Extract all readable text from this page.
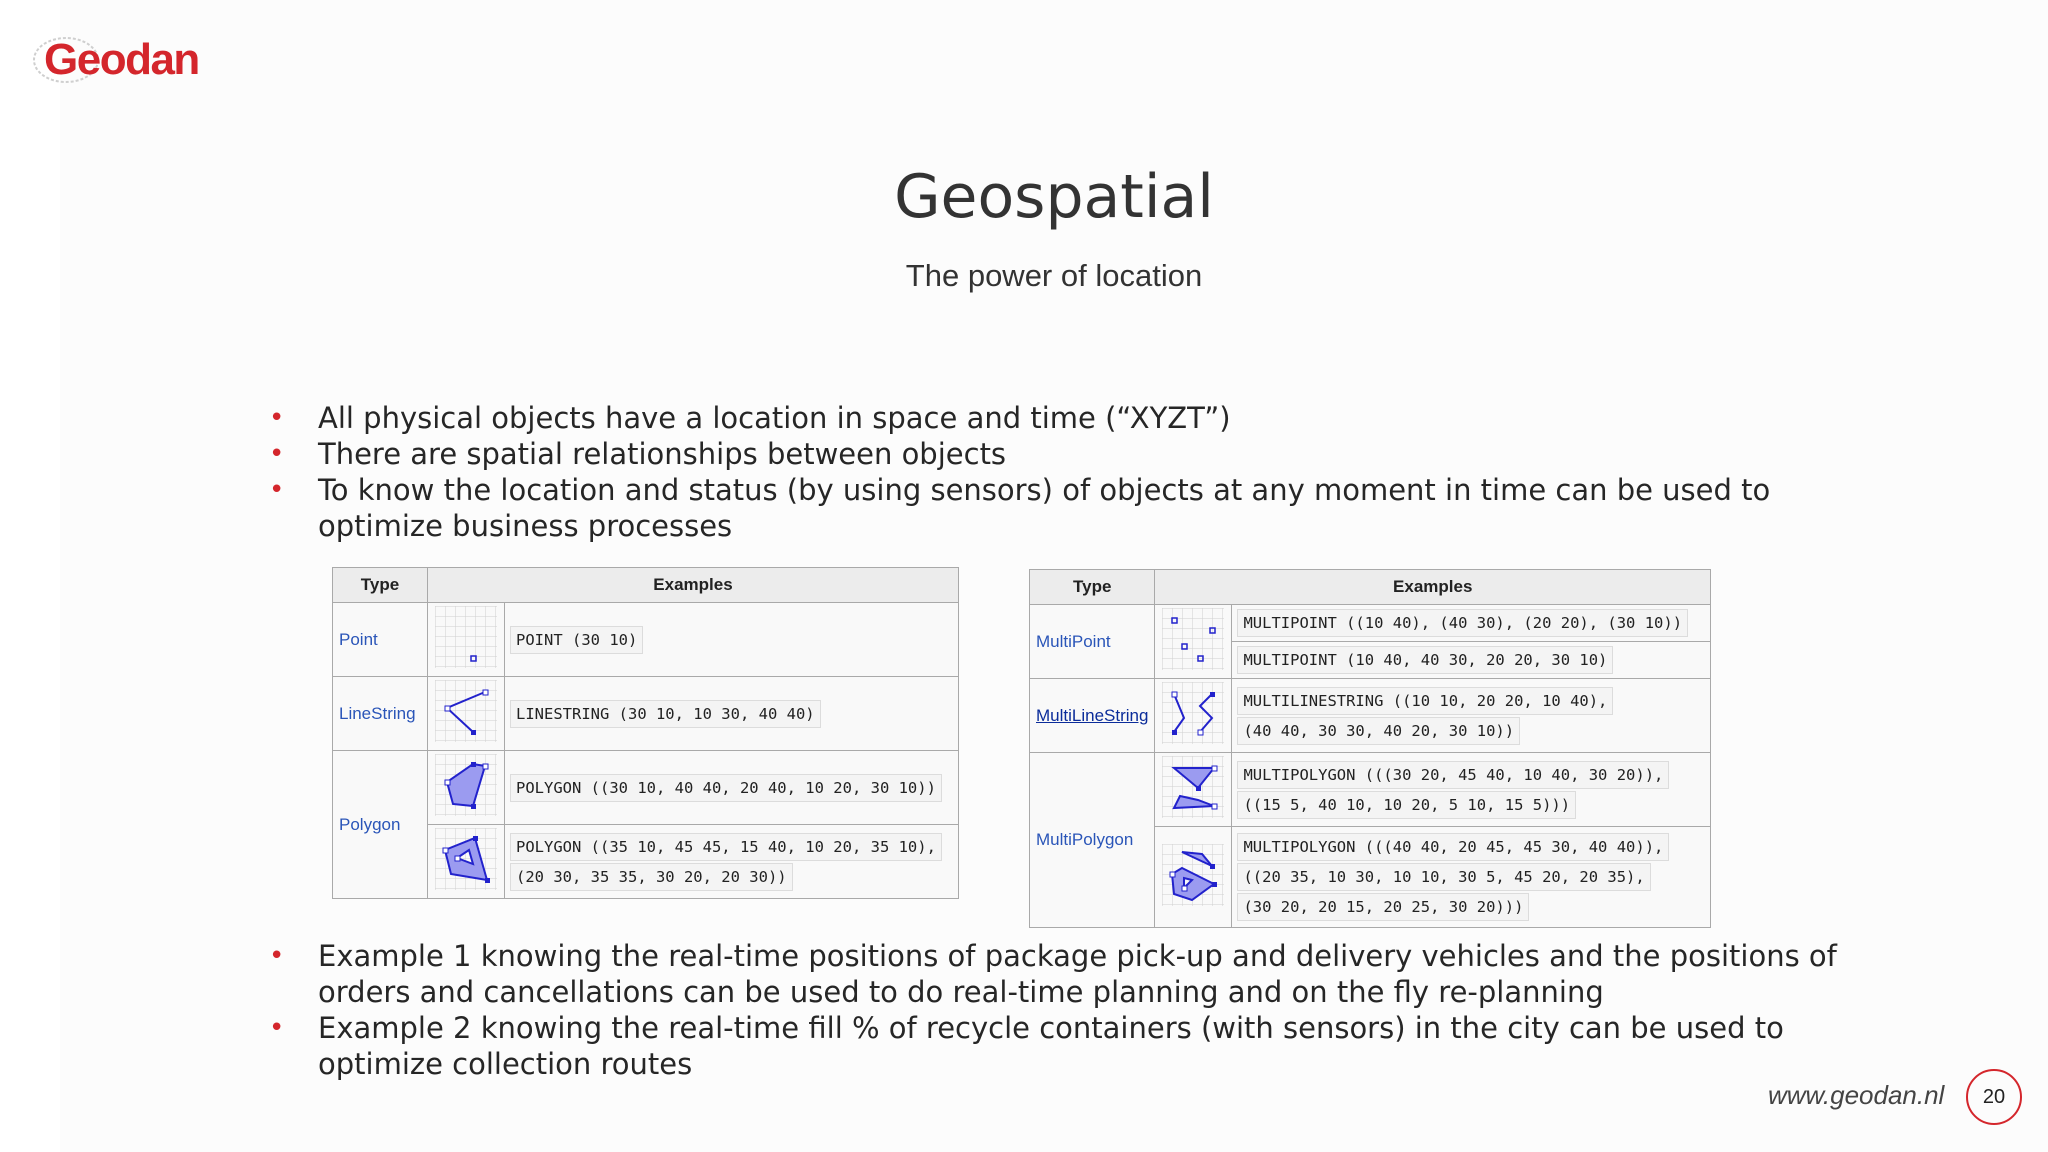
Geodan
Geospatial
The power of location
• All physical objects have a location in space and time (“XYZT”)
• There are spatial relationships between objects
• To know the location and status (by using sensors) of objects at any moment in time can be used to optimize business processes
Type	Examples	
Point		POINT (30 10)
LineString		LINESTRING (30 10, 10 30, 40 40)
Polygon		POLYGON ((30 10, 40 40, 20 40, 10 20, 30 10))

POLYGON ((35 10, 45 45, 15 40, 10 20, 35 10),
(20 30, 35 35, 30 20, 20 30))
Type	Examples	
MultiPoint		MULTIPOINT ((10 40), (40 30), (20 20), (30 10))
MULTIPOINT (10 40, 40 30, 20 20, 30 10)

MultiLineString		MULTILINESTRING ((10 10, 20 20, 10 40),
(40 40, 30 30, 40 20, 30 10))

MultiPolygon		MULTIPOLYGON (((30 20, 45 40, 10 40, 30 20)),
((15 5, 40 10, 10 20, 5 10, 15 5)))

MULTIPOLYGON (((40 40, 20 45, 45 30, 40 40)),
((20 35, 10 30, 10 10, 30 5, 45 20, 20 35),
(30 20, 20 15, 20 25, 30 20)))
• Example 1 knowing the real-time positions of package pick-up and delivery vehicles and the positions of orders and cancellations can be used to do real-time planning and on the fly re-planning
• Example 2 knowing the real-time fill % of recycle containers (with sensors) in the city can be used to optimize collection routes
www.geodan.nl	20
